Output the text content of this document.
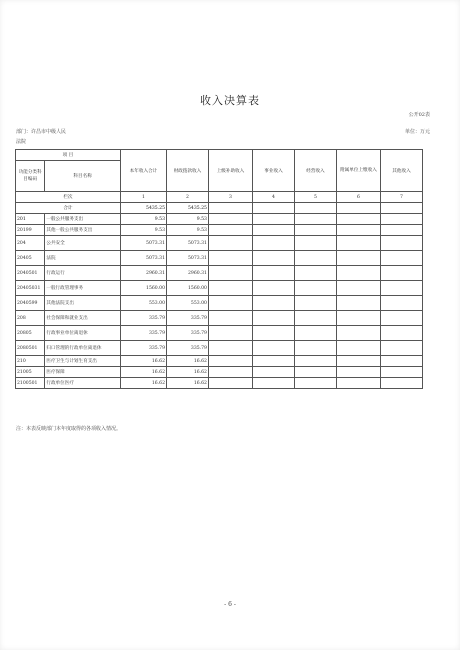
收入决算表
公开02表
部门：许昌市中级人民
法院
单位：万元
项 目		本年收入合计	财政拨款收入	上级补助收入	事业收入	经营收入	附属单位上缴收入	其他收入
功能分类科目编码	科目名称							
栏次		1	2	3	4	5	6	7
合计		5435.25	5435.25					
201	一般公共服务支出	9.53	9.53					
20199	其他一般公共服务支出	9.53	9.53					
204	公共安全	5073.31	5073.31					
20405	法院	5073.31	5073.31					
2040501	行政运行	2960.31	2960.31					
20405031	一般行政管理事务	1560.00	1560.00					
2040599	其他法院支出	553.00	553.00					
208	社会保障和就业支出	335.79	335.79					
20805	行政事业单位离退休	335.79	335.79					
2080501	归口管理的行政单位离退休	335.79	335.79					
210	医疗卫生与计划生育支出	16.62	16.62					
21005	医疗保障	16.62	16.62					
2100501	行政单位医疗	16.62	16.62					
注：本表反映部门本年度取得的各项收入情况。
- 6 -
